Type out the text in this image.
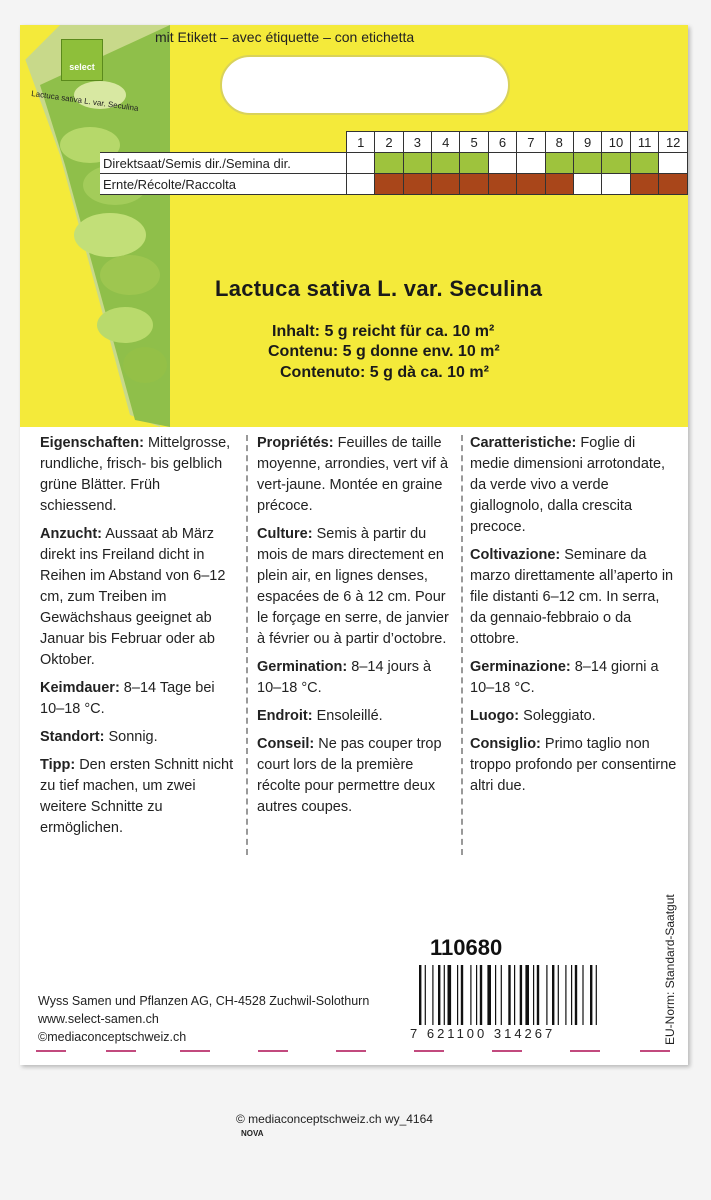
select
Lactuca sativa L. var. Seculina
mit Etikett – avec étiquette – con etichetta
	1	2	3	4	5	6	7	8	9	10	11	12
Direktsaat/Semis dir./Semina dir.												
Ernte/Récolte/Raccolta												
Lactuca sativa L. var. Seculina
Inhalt: 5 g reicht für ca. 10 m²
Contenu: 5 g donne env. 10 m²
Contenuto: 5 g dà ca. 10 m²

Eigenschaften: Mittelgrosse, rundliche, frisch- bis gelblich grüne Blätter. Früh schiessend.

Anzucht: Aussaat ab März direkt ins Freiland dicht in Reihen im Abstand von 6–12 cm, zum Treiben im Gewächshaus geeignet ab Januar bis Februar oder ab Oktober.

Keimdauer: 8–14 Tage bei 10–18 °C.

Standort: Sonnig.

Tipp: Den ersten Schnitt nicht zu tief machen, um zwei weitere Schnitte zu ermöglichen.

Propriétés: Feuilles de taille moyenne, arrondies, vert vif à vert-jaune. Montée en graine précoce.

Culture: Semis à partir du mois de mars directement en plein air, en lignes denses, espacées de 6 à 12 cm. Pour le forçage en serre, de janvier à février ou à partir d’octobre.

Germination: 8–14 jours à 10–18 °C.

Endroit: Ensoleillé.

Conseil: Ne pas couper trop court lors de la première récolte pour permettre deux autres coupes.

Caratteristiche: Foglie di medie dimensioni arrotondate, da verde vivo a verde giallognolo, dalla crescita precoce.

Coltivazione: Seminare da marzo direttamente all’aperto in file distanti 6–12 cm. In serra, da gennaio-febbraio o da ottobre.

Germinazione: 8–14 giorni a 10–18 °C.

Luogo: Soleggiato.

Consiglio: Primo taglio non troppo profondo per consentirne altri due.

110680
7 621100 314267	EU-Norm: Standard-Saatgut
Wyss Samen und Pflanzen AG, CH-4528 Zuchwil-Solothurn
www.select-samen.ch
©mediaconceptschweiz.ch
© mediaconceptschweiz.ch wy_4164
NOVA
